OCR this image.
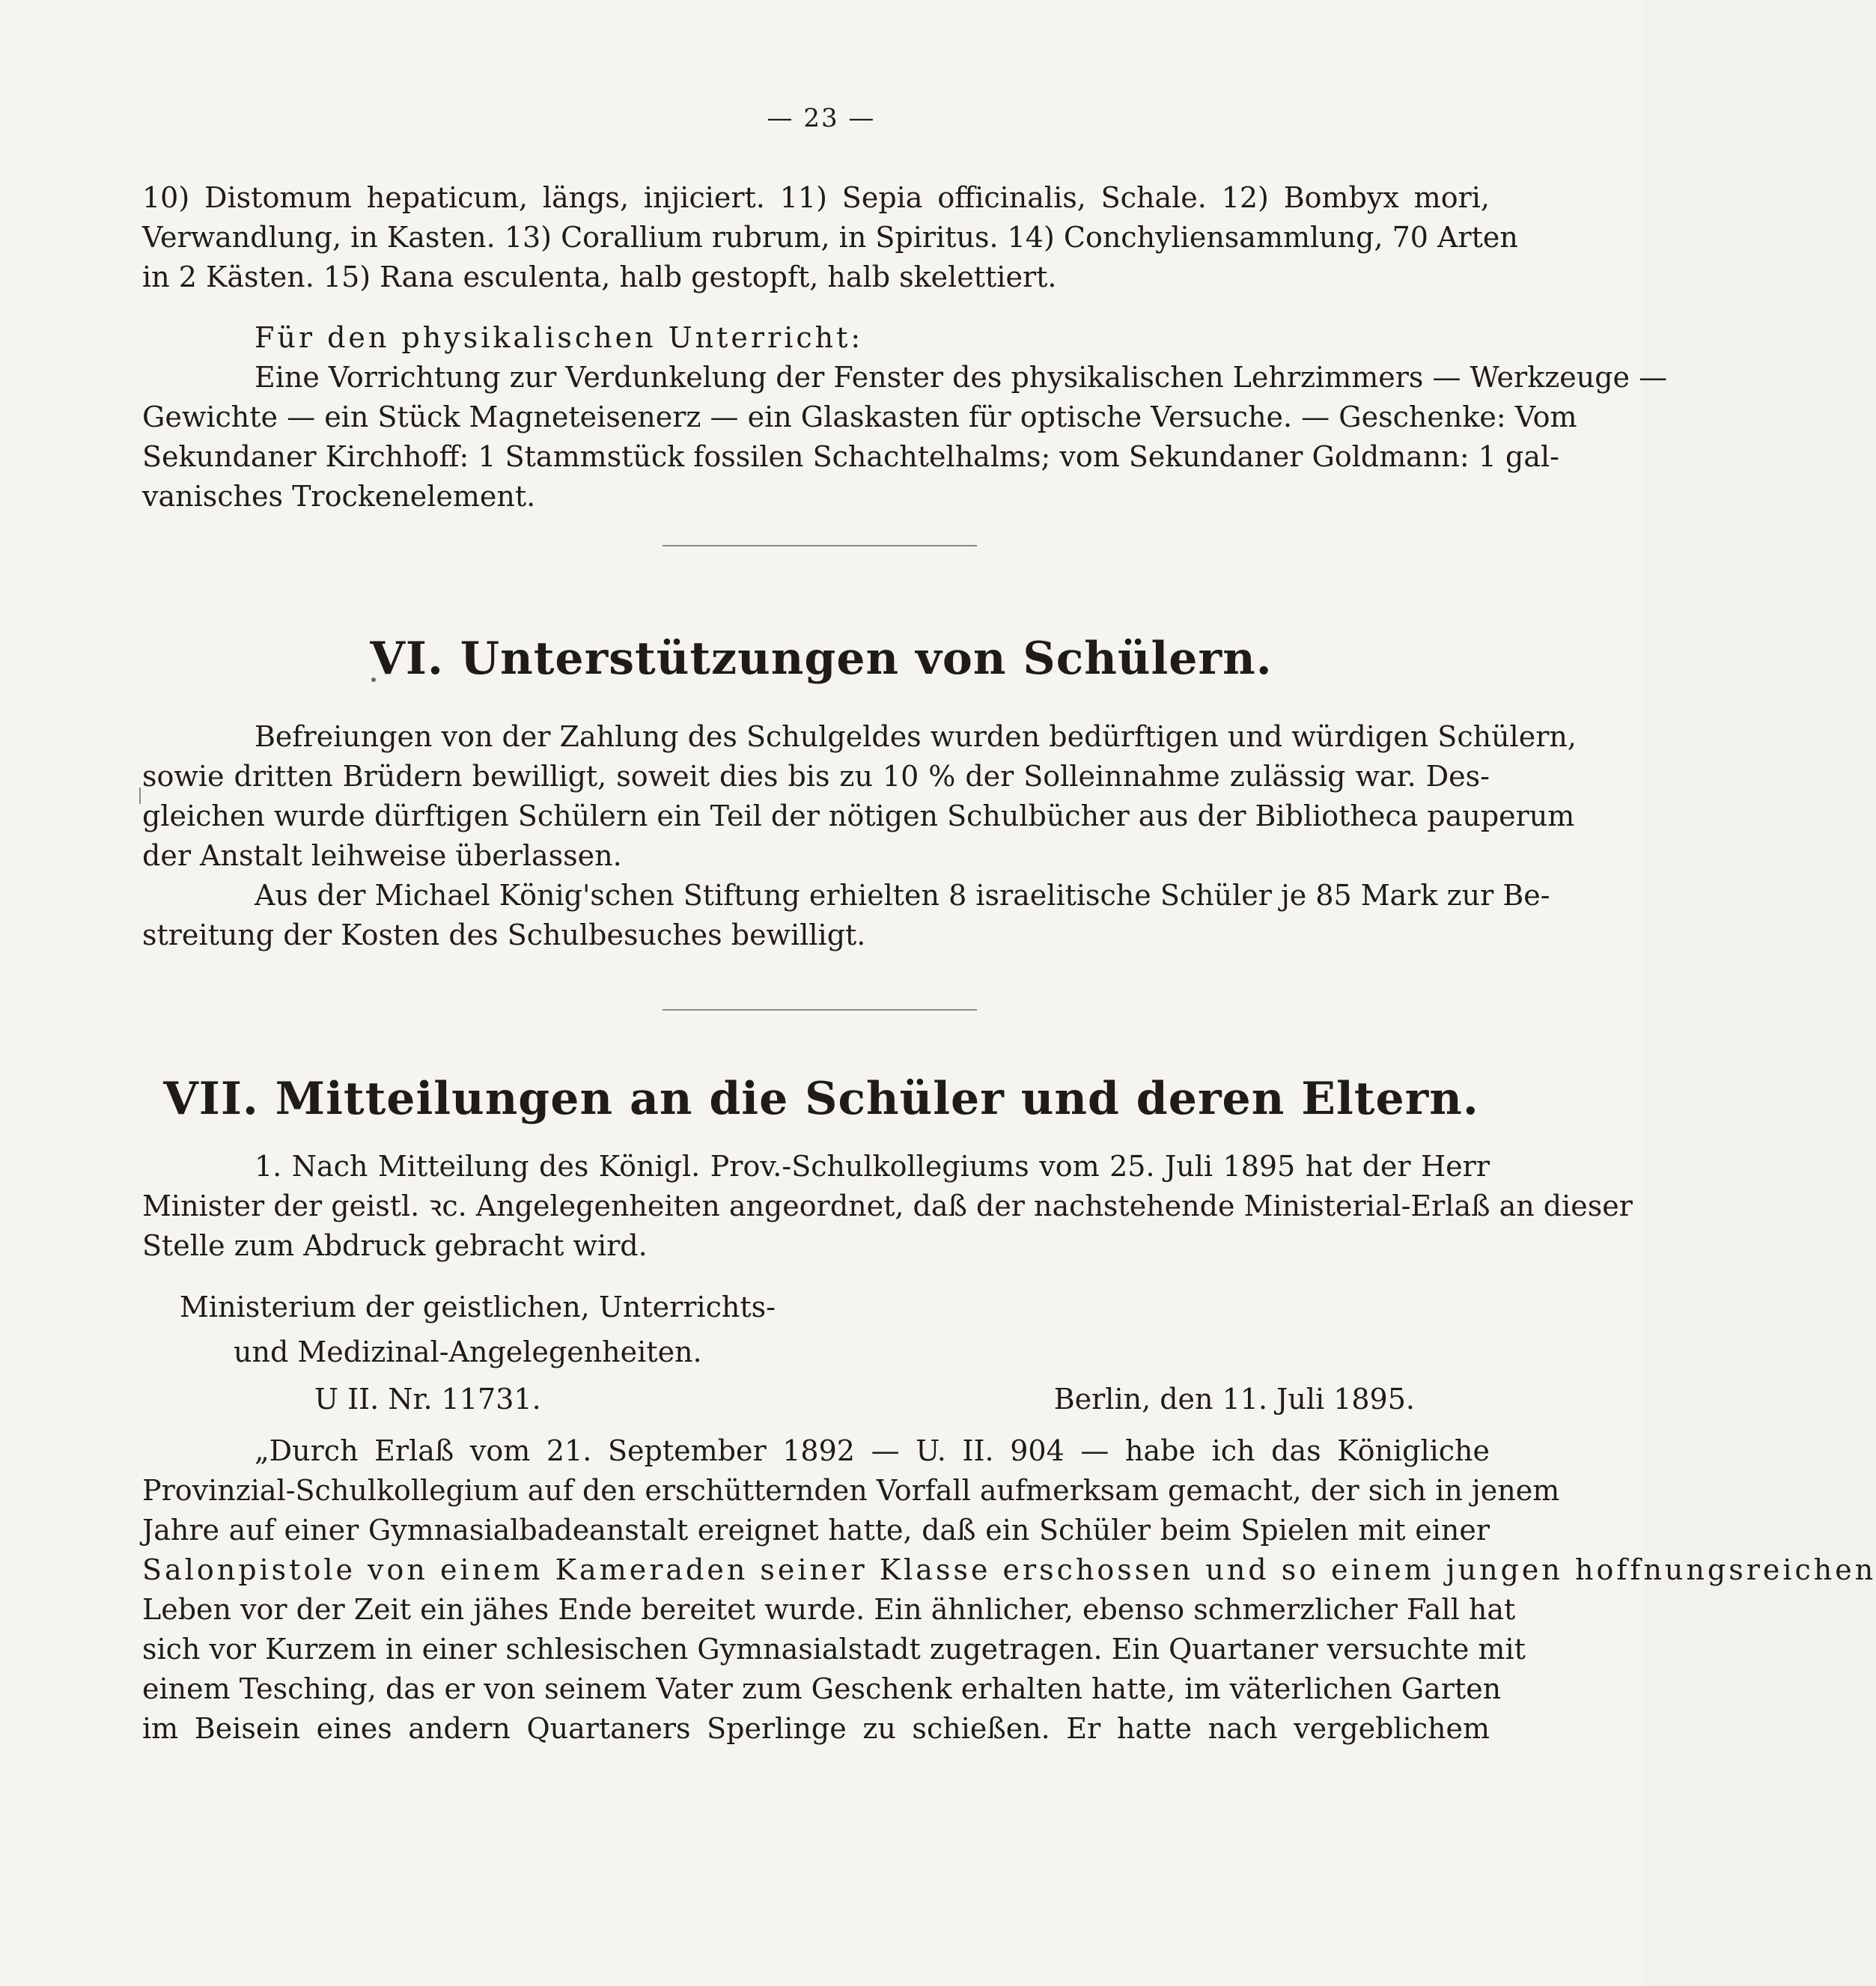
— 23 —
10) Distomum hepaticum, längs, injiciert. 11) Sepia officinalis, Schale. 12) Bombyx mori,
Verwandlung, in Kasten. 13) Corallium rubrum, in Spiritus. 14) Conchyliensammlung, 70 Arten
in 2 Kästen. 15) Rana esculenta, halb gestopft, halb skelettiert.
Für den physikalischen Unterricht:
Eine Vorrichtung zur Verdunkelung der Fenster des physikalischen Lehrzimmers — Werkzeuge —
Gewichte — ein Stück Magneteisenerz — ein Glaskasten für optische Versuche. — Geschenke: Vom
Sekundaner Kirchhoff: 1 Stammstück fossilen Schachtelhalms; vom Sekundaner Goldmann: 1 gal-
vanisches Trockenelement.
VI. Unterstützungen von Schülern.
Befreiungen von der Zahlung des Schulgeldes wurden bedürftigen und würdigen Schülern,
sowie dritten Brüdern bewilligt, soweit dies bis zu 10 % der Solleinnahme zulässig war. Des-
gleichen wurde dürftigen Schülern ein Teil der nötigen Schulbücher aus der Bibliotheca pauperum
der Anstalt leihweise überlassen.
Aus der Michael König'schen Stiftung erhielten 8 israelitische Schüler je 85 Mark zur Be-
streitung der Kosten des Schulbesuches bewilligt.
VII. Mitteilungen an die Schüler und deren Eltern.
1. Nach Mitteilung des Königl. Prov.-Schulkollegiums vom 25. Juli 1895 hat der Herr
Minister der geistl. ꝛc. Angelegenheiten angeordnet, daß der nachstehende Ministerial-Erlaß an dieser
Stelle zum Abdruck gebracht wird.
Ministerium der geistlichen, Unterrichts-
und Medizinal-Angelegenheiten.
U II. Nr. 11731.	Berlin, den 11. Juli 1895.
„Durch Erlaß vom 21. September 1892 — U. II. 904 — habe ich das Königliche
Provinzial-Schulkollegium auf den erschütternden Vorfall aufmerksam gemacht, der sich in jenem
Jahre auf einer Gymnasialbadeanstalt ereignet hatte, daß ein Schüler beim Spielen mit einer
Salonpistole von einem Kameraden seiner Klasse erschossen und so einem jungen hoffnungsreichen
Leben vor der Zeit ein jähes Ende bereitet wurde. Ein ähnlicher, ebenso schmerzlicher Fall hat
sich vor Kurzem in einer schlesischen Gymnasialstadt zugetragen. Ein Quartaner versuchte mit
einem Tesching, das er von seinem Vater zum Geschenk erhalten hatte, im väterlichen Garten
im Beisein eines andern Quartaners Sperlinge zu schießen. Er hatte nach vergeblichem
